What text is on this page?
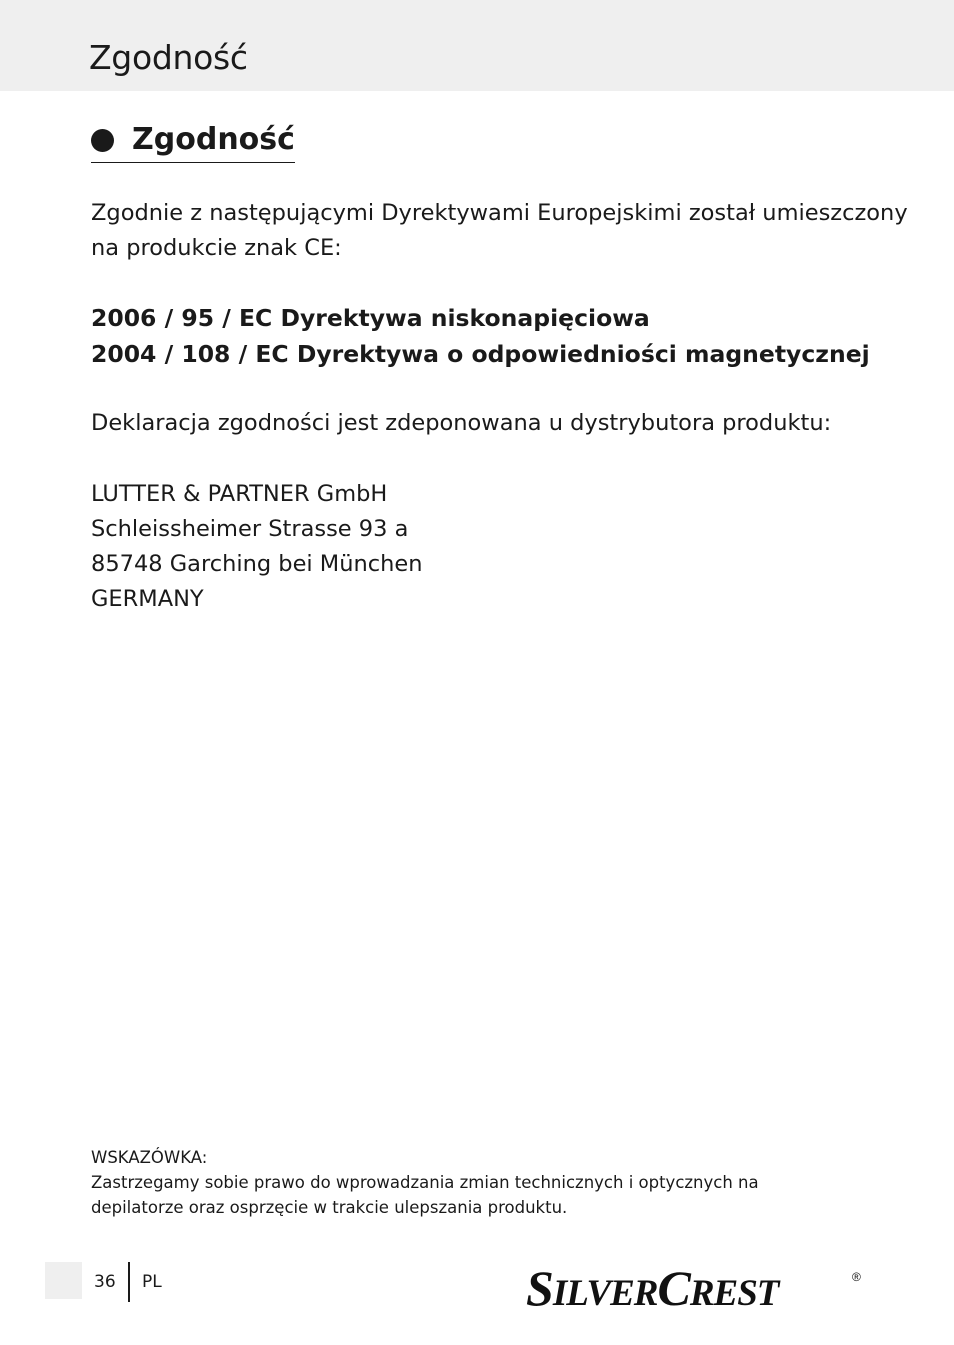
Zgodność
Zgodność
Zgodnie z następującymi Dyrektywami Europejskimi został umieszczony
na produkcie znak CE:
2006 / 95 / EC Dyrektywa niskonapięciowa
2004 / 108 / EC Dyrektywa o odpowiedniości magnetycznej
Deklaracja zgodności jest zdeponowana u dystrybutora produktu:
LUTTER & PARTNER GmbH
Schleissheimer Strasse 93 a
85748 Garching bei München
GERMANY
WSKAZÓWKA:
Zastrzegamy sobie prawo do wprowadzania zmian technicznych i optycznych na
depilatorze oraz osprzęcie w trakcie ulepszania produktu.
36 PL	SILVERCREST	®
